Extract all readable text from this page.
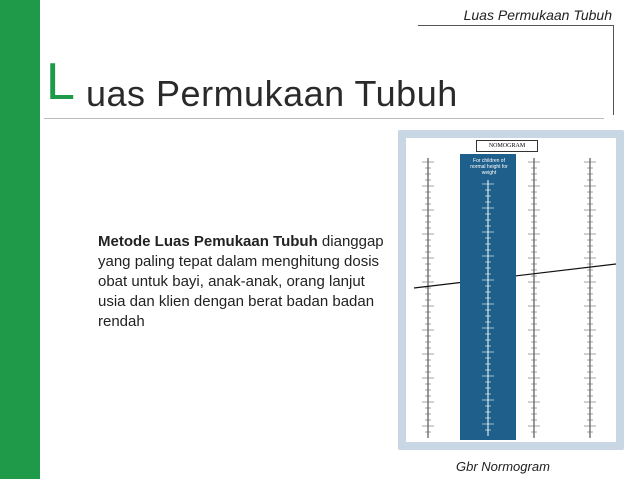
Luas Permukaan Tubuh
L uas Permukaan Tubuh
Metode Luas Pemukaan Tubuh dianggap yang paling tepat dalam menghitung dosis obat untuk bayi, anak-anak, orang lanjut usia dan klien dengan berat badan badan rendah
NOMOGRAM
For children of normal height for weight
Gbr Normogram
